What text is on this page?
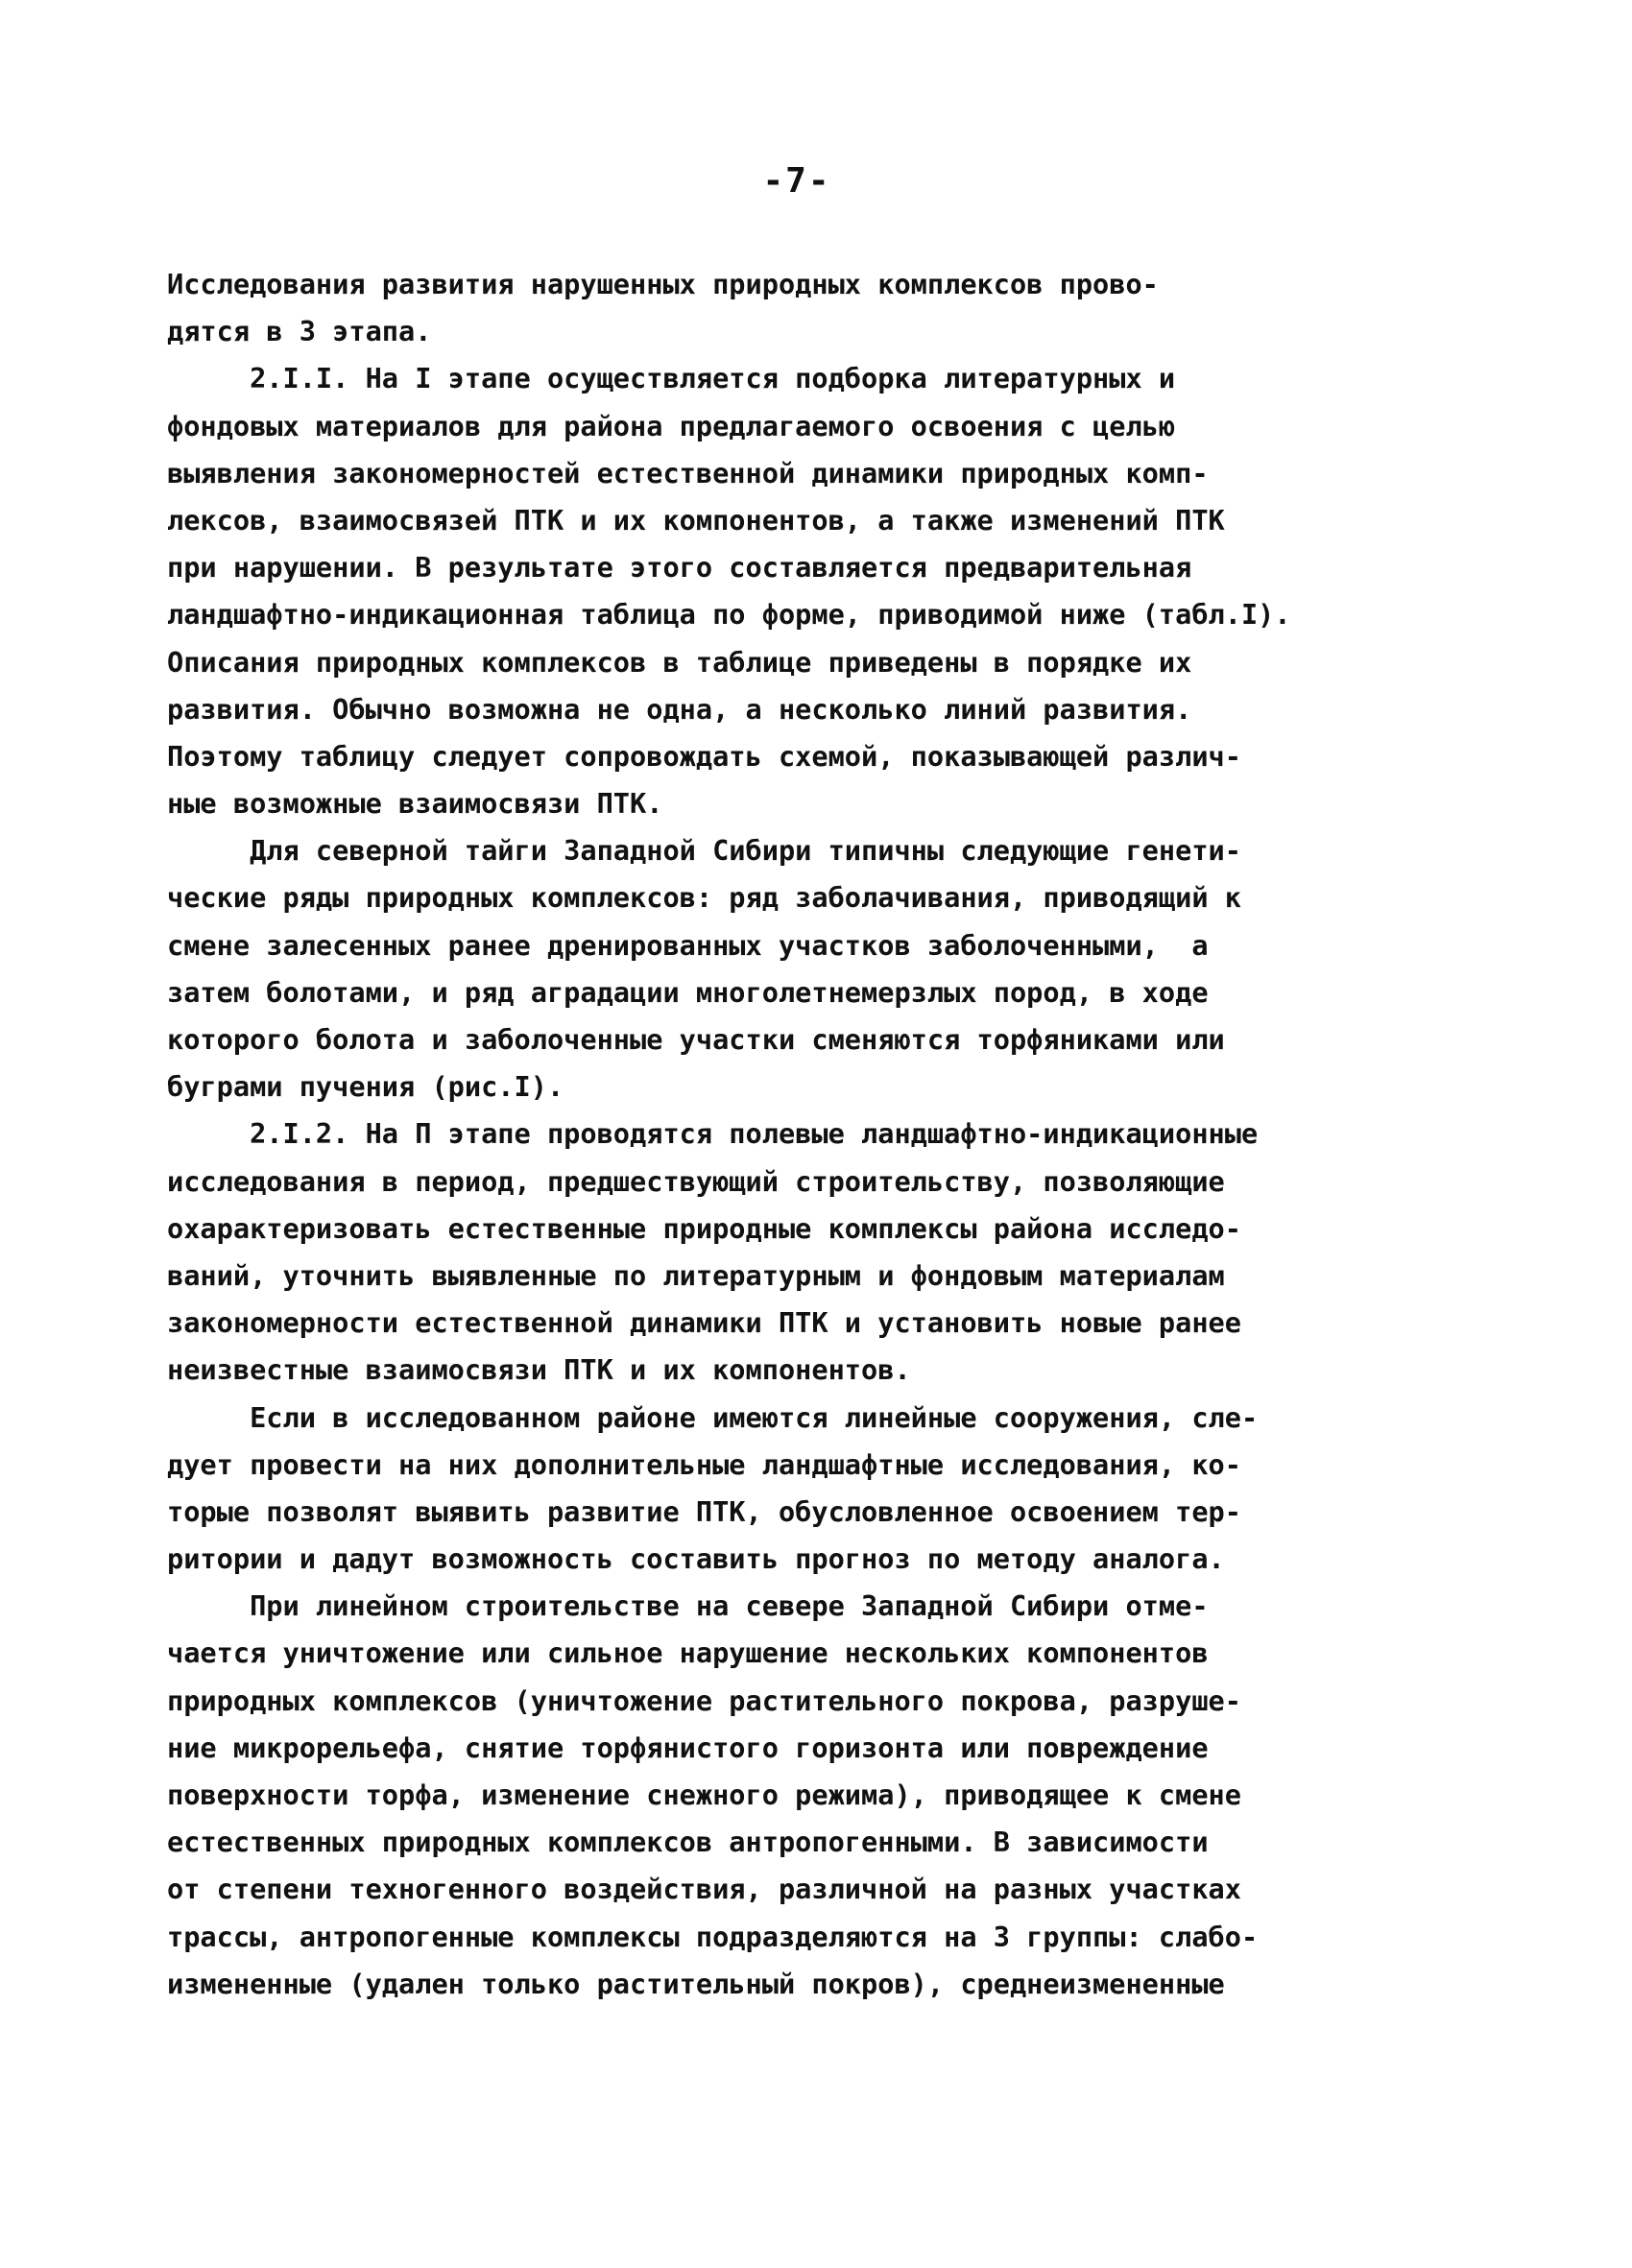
-7-
Исследования развития нарушенных природных комплексов прово-
дятся в 3 этапа.
2.I.I. На I этапе осуществляется подборка литературных и
фондовых материалов для района предлагаемого освоения с целью
выявления закономерностей естественной динамики природных комп-
лексов, взаимосвязей ПТК и их компонентов, а также изменений ПТК
при нарушении. В результате этого составляется предварительная
ландшафтно-индикационная таблица по форме, приводимой ниже (табл.I).
Описания природных комплексов в таблице приведены в порядке их
развития. Обычно возможна не одна, а несколько линий развития.
Поэтому таблицу следует сопровождать схемой, показывающей различ-
ные возможные взаимосвязи ПТК.
Для северной тайги Западной Сибири типичны следующие генети-
ческие ряды природных комплексов: ряд заболачивания, приводящий к
смене залесенных ранее дренированных участков заболоченными,  а
затем болотами, и ряд аградации многолетнемерзлых пород, в ходе
которого болота и заболоченные участки сменяются торфяниками или
буграми пучения (рис.I).
2.I.2. На П этапе проводятся полевые ландшафтно-индикационные
исследования в период, предшествующий строительству, позволяющие
охарактеризовать естественные природные комплексы района исследо-
ваний, уточнить выявленные по литературным и фондовым материалам
закономерности естественной динамики ПТК и установить новые ранее
неизвестные взаимосвязи ПТК и их компонентов.
Если в исследованном районе имеются линейные сооружения, сле-
дует провести на них дополнительные ландшафтные исследования, ко-
торые позволят выявить развитие ПТК, обусловленное освоением тер-
ритории и дадут возможность составить прогноз по методу аналога.
При линейном строительстве на севере Западной Сибири отме-
чается уничтожение или сильное нарушение нескольких компонентов
природных комплексов (уничтожение растительного покрова, разруше-
ние микрорельефа, снятие торфянистого горизонта или повреждение
поверхности торфа, изменение снежного режима), приводящее к смене
естественных природных комплексов антропогенными. В зависимости
от степени техногенного воздействия, различной на разных участках
трассы, антропогенные комплексы подразделяются на 3 группы: слабо-
измененные (удален только растительный покров), среднеизмененные
